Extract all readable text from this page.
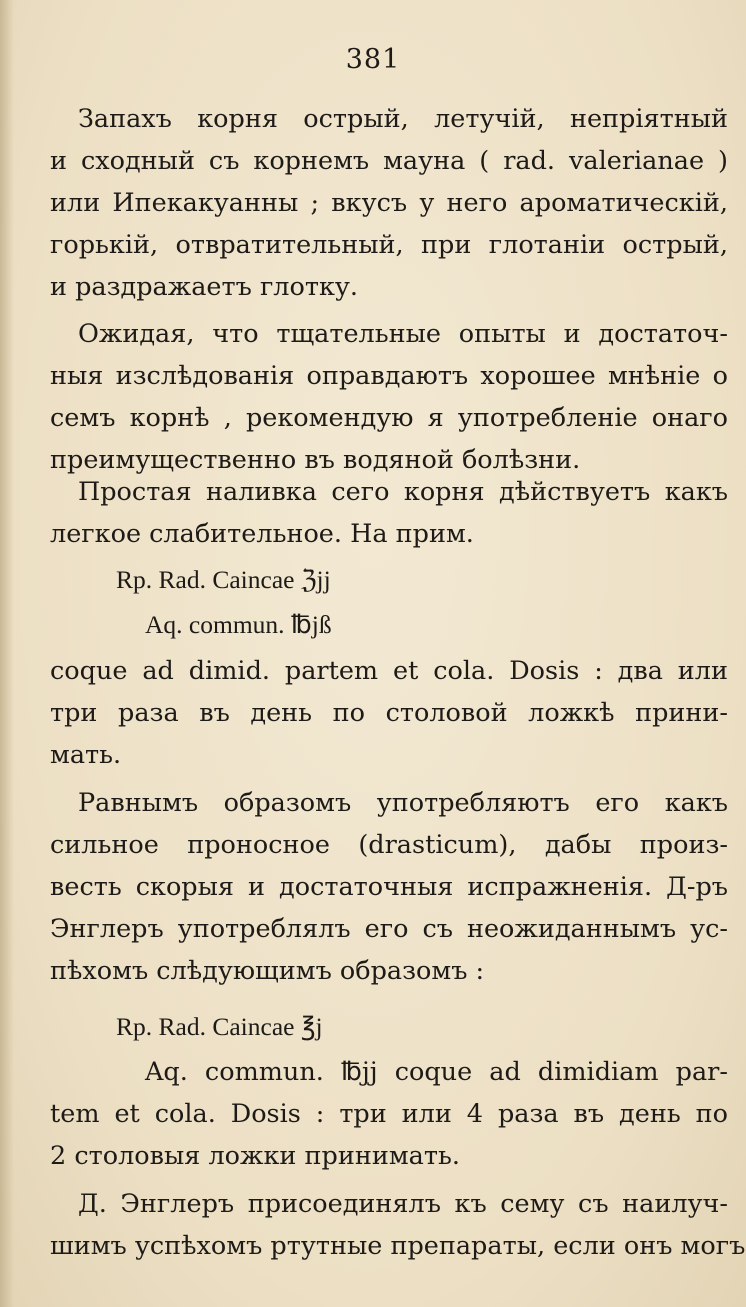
381
Запахъ корня острый, летучій, непріятный
и сходный съ корнемъ мауна ( rad. valerianae )
или Ипекакуанны ; вкусъ у него ароматическій,
горькій, отвратительный, при глотаніи острый,
и раздражаетъ глотку.
Ожидая, что тщательные опыты и достаточ-
ныя изслѣдованія оправдаютъ хорошее мнѣніе о
семъ корнѣ , рекомендую я употребленіе онаго
преимущественно въ водяной болѣзни.
Простая наливка сего корня дѣйствуетъ какъ
легкое слабительное. На прим.
Rp. Rad. Caincae ℨjj
Aq. commun. ℔jß
coque ad dimid. partem et cola. Dosis : два или
три раза въ день по столовой ложкѣ прини-
мать.
Равнымъ образомъ употребляютъ его какъ
сильное проносное (drasticum), дабы произ-
весть скорыя и достаточныя испражненія. Д-ръ
Энглеръ употреблялъ его съ неожиданнымъ ус-
пѣхомъ слѣдующимъ образомъ :
Rp. Rad. Caincae ℥j
Aq. commun. ℔jj coque ad dimidiam par-
tem et cola. Dosis : три или 4 раза въ день по
2 столовыя ложки принимать.
Д. Энглеръ присоединялъ къ сему съ наилуч-
шимъ успѣхомъ ртутные препараты, если онъ могъ
